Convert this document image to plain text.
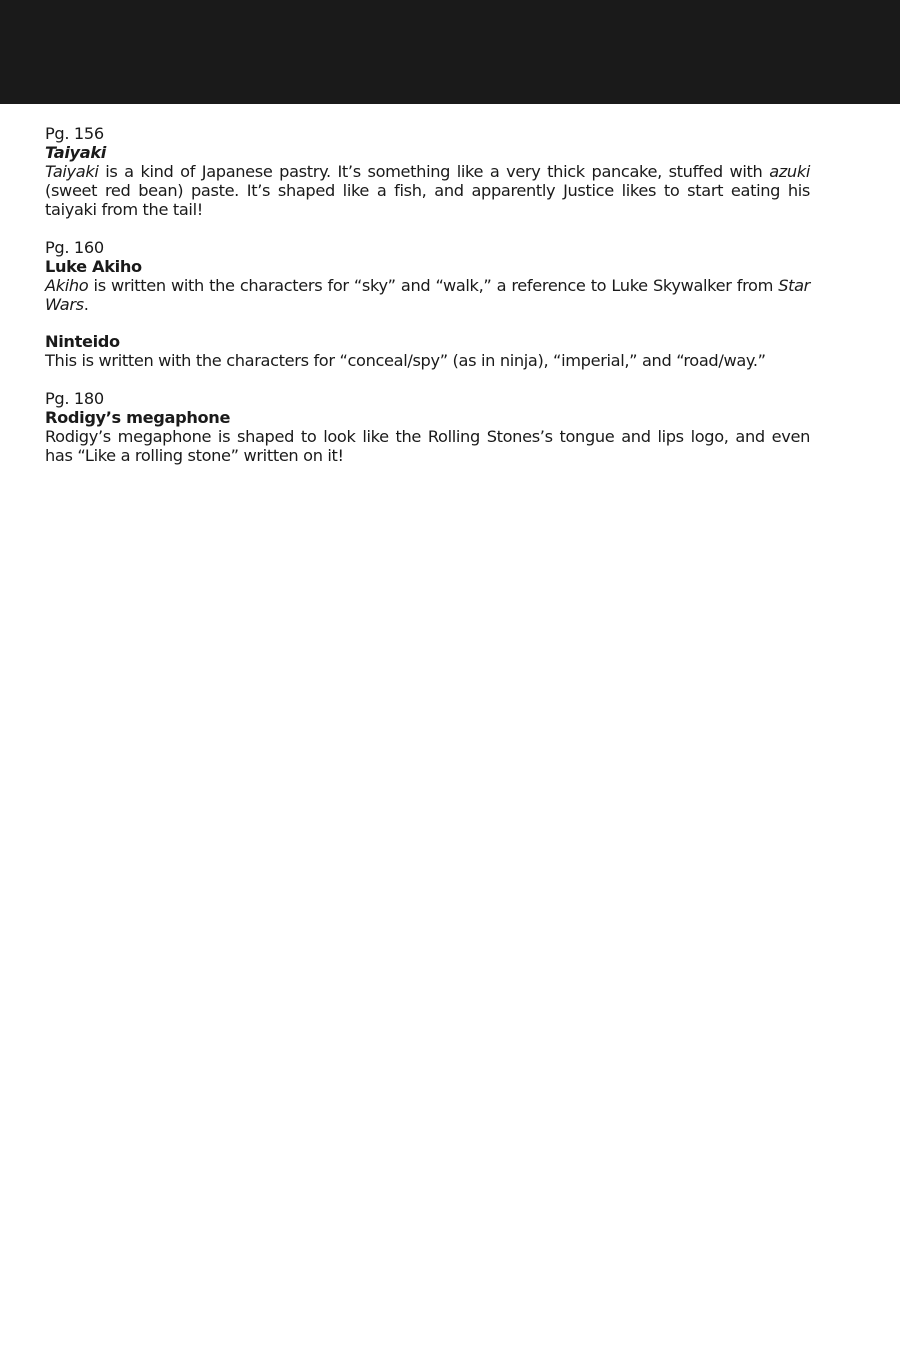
Pg. 156
Taiyaki
Taiyaki is a kind of Japanese pastry. It’s something like a very thick pancake, stuffed with azuki (sweet red bean) paste. It’s shaped like a fish, and apparently Justice likes to start eating his taiyaki from the tail!
Pg. 160
Luke Akiho
Akiho is written with the characters for “sky” and “walk,” a reference to Luke Skywalker from Star Wars.
Ninteido
This is written with the characters for “conceal/spy” (as in ninja), “imperial,” and “road/way.”
Pg. 180
Rodigy’s megaphone
Rodigy’s megaphone is shaped to look like the Rolling Stones’s tongue and lips logo, and even has “Like a rolling stone” written on it!
